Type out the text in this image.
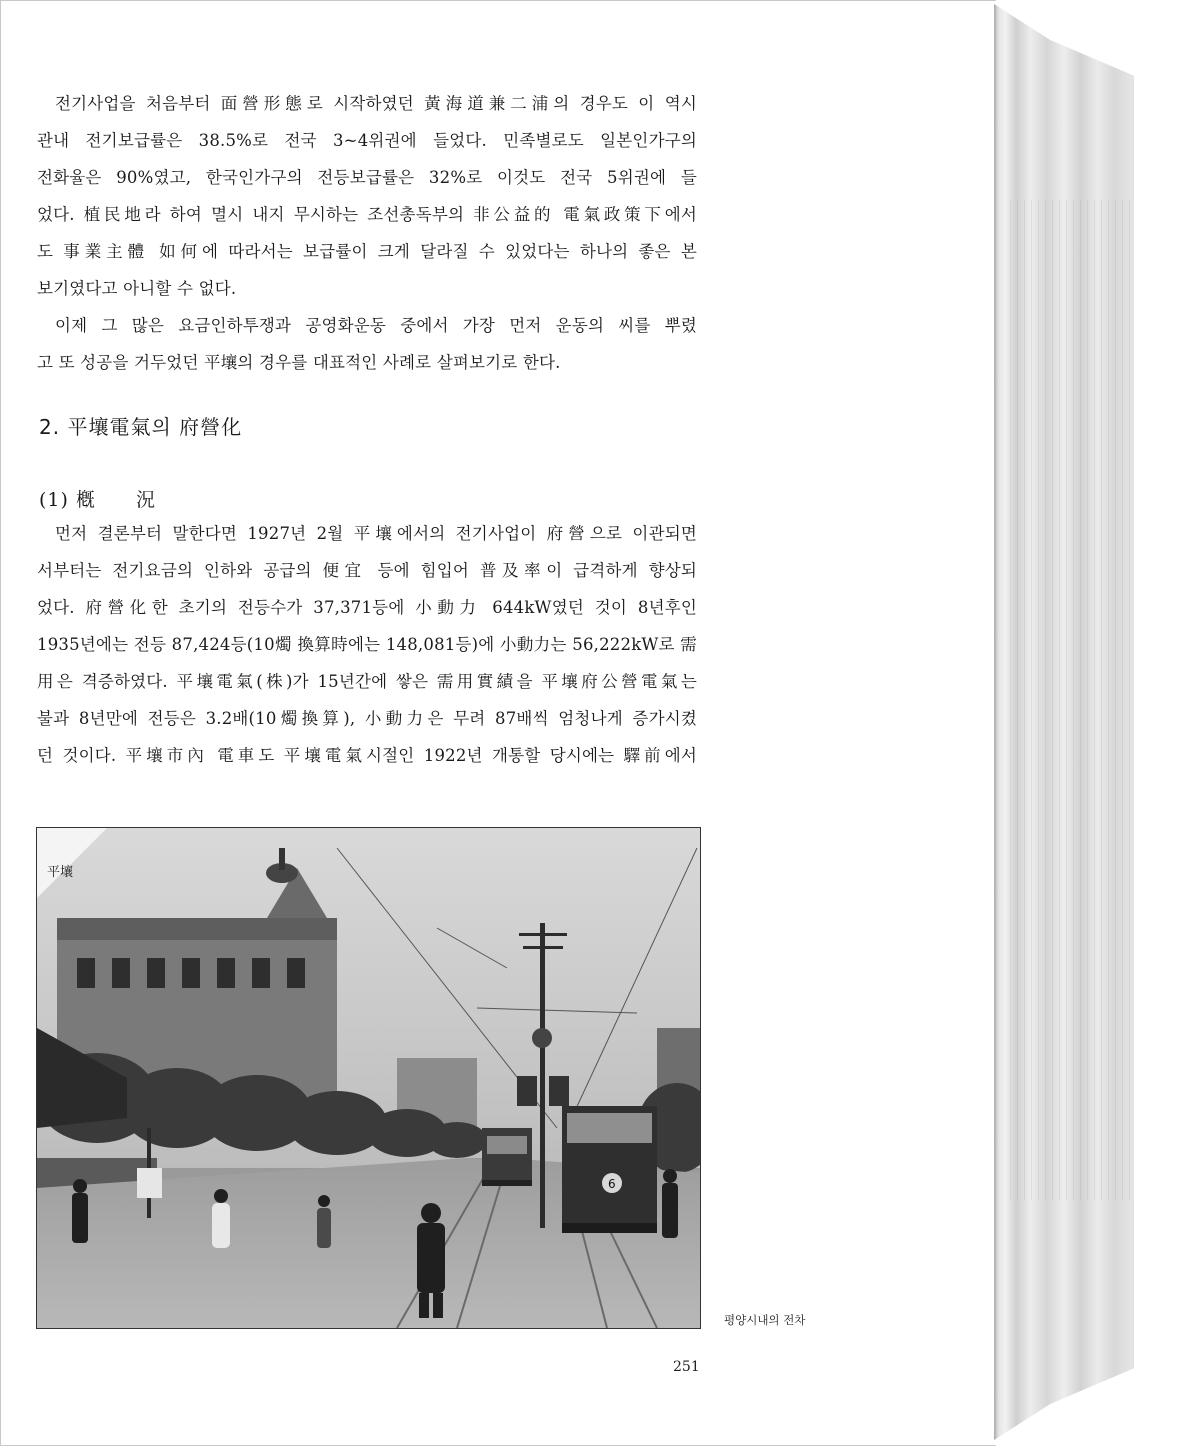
전기사업을 처음부터 面營形態로 시작하였던 黃海道兼二浦의 경우도 이 역시
관내 전기보급률은 38.5%로 전국 3~4위권에 들었다. 민족별로도 일본인가구의
전화율은 90%였고, 한국인가구의 전등보급률은 32%로 이것도 전국 5위권에 들
었다. 植民地라 하여 멸시 내지 무시하는 조선총독부의 非公益的 電氣政策下에서
도 事業主體 如何에 따라서는 보급률이 크게 달라질 수 있었다는 하나의 좋은 본
보기였다고 아니할 수 없다.

이제 그 많은 요금인하투쟁과 공영화운동 중에서 가장 먼저 운동의 씨를 뿌렸
고 또 성공을 거두었던 平壤의 경우를 대표적인 사례로 살펴보기로 한다.

2. 平壤電氣의 府營化
(1) 槪　　況

먼저 결론부터 말한다면 1927년 2월 平壤에서의 전기사업이 府營으로 이관되면
서부터는 전기요금의 인하와 공급의 便宜 등에 힘입어 普及率이 급격하게 향상되
었다. 府營化한 초기의 전등수가 37,371등에 小動力 644kW였던 것이 8년후인
1935년에는 전등 87,424등(10燭 換算時에는 148,081등)에 小動力는 56,222kW로 需
用은 격증하였다. 平壤電氣(株)가 15년간에 쌓은 需用實績을 平壤府公營電氣는
불과 8년만에 전등은 3.2배(10燭換算), 小動力은 무려 87배씩 엄청나게 증가시켰
던 것이다. 平壤市內 電車도 平壤電氣시절인 1922년 개통할 당시에는 驛前에서

平壤
6
평양시내의 전차
251
